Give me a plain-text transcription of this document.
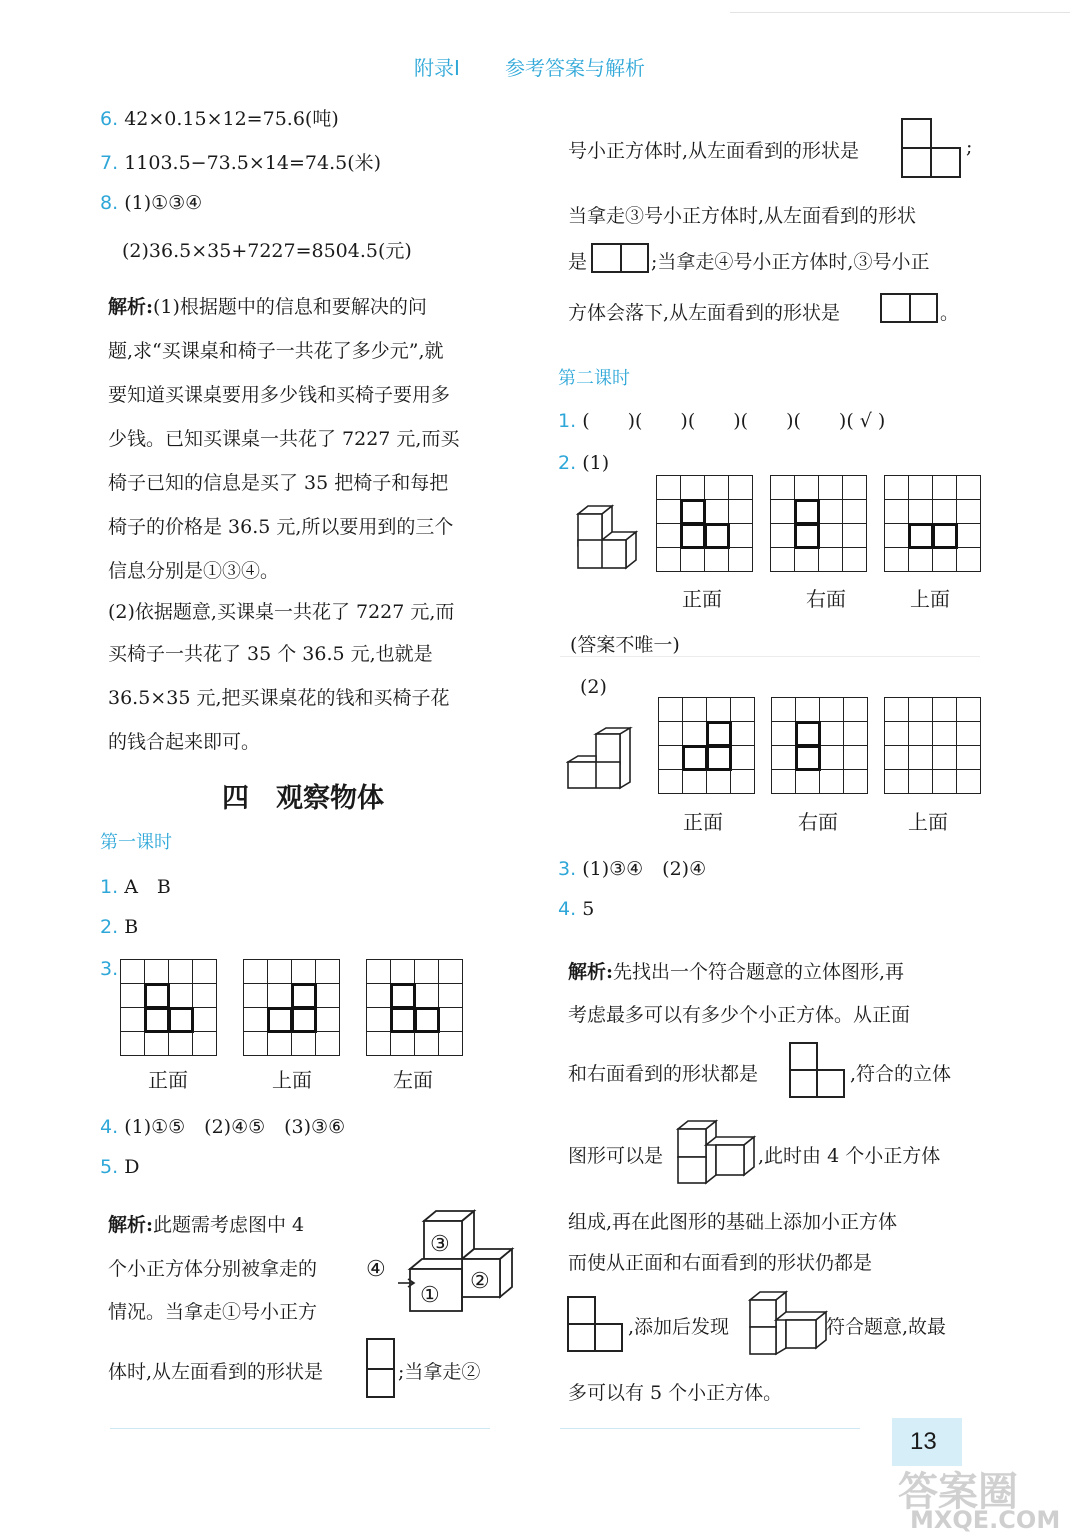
附录Ⅰ 参考答案与解析
6. 42×0.15×12=75.6(吨)
7. 1103.5−73.5×14=74.5(米)
8. (1)①③④
(2)36.5×35+7227=8504.5(元)
解析:(1)根据题中的信息和要解决的问
题,求“买课桌和椅子一共花了多少元”,就
要知道买课桌要用多少钱和买椅子要用多
少钱。已知买课桌一共花了 7227 元,而买
椅子已知的信息是买了 35 把椅子和每把
椅子的价格是 36.5 元,所以要用到的三个
信息分别是①③④。
(2)依据题意,买课桌一共花了 7227 元,而
买椅子一共花了 35 个 36.5 元,也就是
36.5×35 元,把买课桌花的钱和买椅子花
的钱合起来即可。
四　观察物体
第一课时
1. A　B
2. B
3.
正面	上面	左面
4. (1)①⑤　(2)④⑤　(3)③⑥
5. D
解析:此题需考虑图中 4
个小正方体分别被拿走的
情况。当拿走①号小正方
体时,从左面看到的形状是	;当拿走②
③
②
①
④
号小正方体时,从左面看到的形状是	;
当拿走③号小正方体时,从左面看到的形状
是	;当拿走④号小正方体时,③号小正
方体会落下,从左面看到的形状是	。
第二课时
1. (　　)(　　)(　　)(　　)(　　)( √ )
2. (1)
正面	右面	上面
(答案不唯一)
(2)
正面	右面	上面
3. (1)③④　(2)④
4. 5
解析:先找出一个符合题意的立体图形,再
考虑最多可以有多少个小正方体。从正面
和右面看到的形状都是	,符合的立体
图形可以是	,此时由 4 个小正方体
组成,再在此图形的基础上添加小正方体
而使从正面和右面看到的形状仍都是
,添加后发现	符合题意,故最
多可以有 5 个小正方体。
13
答案圈
MXQE.COM
